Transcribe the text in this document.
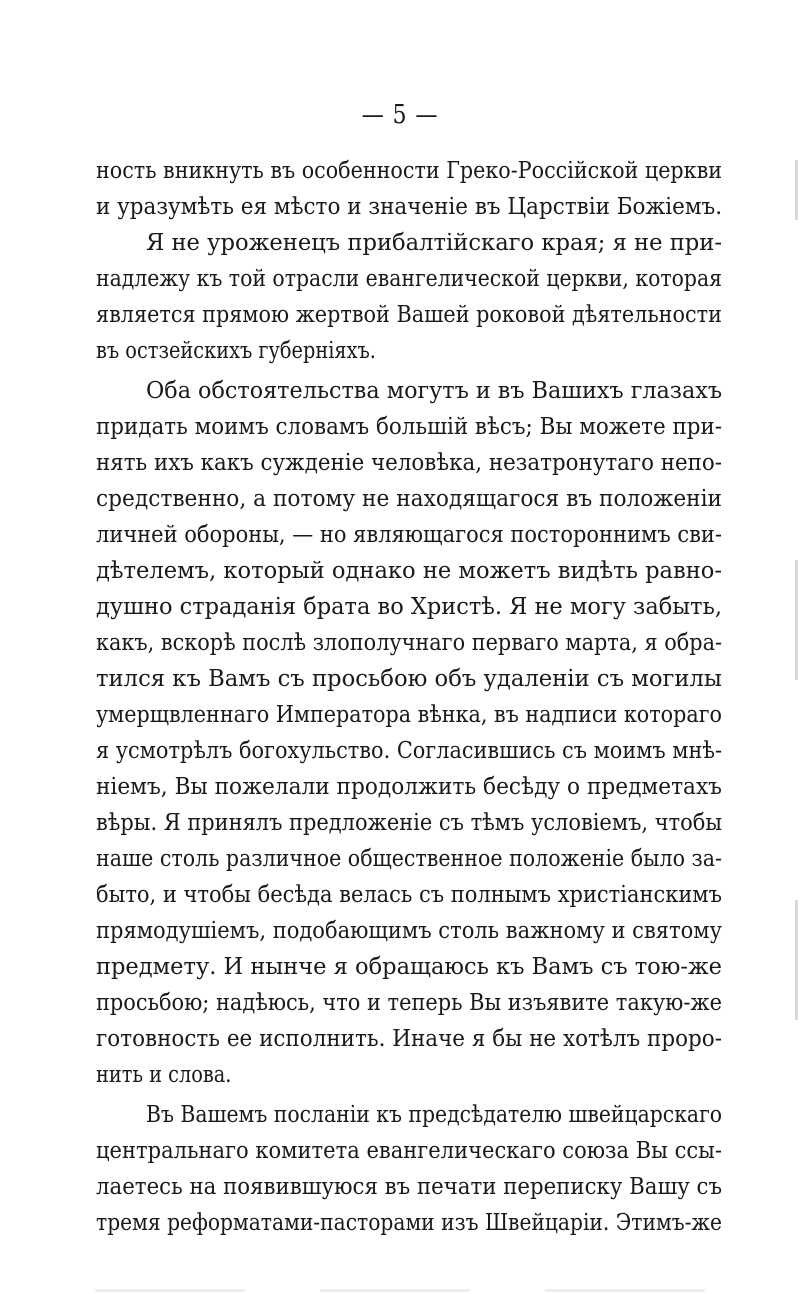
— 5 —
ность вникнуть въ особенности Греко-Россійской церкви
и уразумѣть ея мѣсто и значеніе въ Царствіи Божіемъ.
Я не уроженецъ прибалтійскаго края; я не при-
надлежу къ той отрасли евангелической церкви, которая
является прямою жертвой Вашей роковой дѣятельности
въ остзейскихъ губерніяхъ.
Оба обстоятельства могутъ и въ Вашихъ глазахъ
придать моимъ словамъ большій вѣсъ; Вы можете при-
нять ихъ какъ сужденіе человѣка, незатронутаго непо-
средственно, а потому не находящагося въ положеніи
личней обороны, — но являющагося постороннимъ сви-
дѣтелемъ, который однако не можетъ видѣть равно-
душно страданія брата во Христѣ. Я не могу забыть,
какъ, вскорѣ послѣ злополучнаго перваго марта, я обра-
тился къ Вамъ съ просьбою объ удаленіи съ могилы
умерщвленнаго Императора вѣнка, въ надписи котораго
я усмотрѣлъ богохульство. Согласившись съ моимъ мнѣ-
ніемъ, Вы пожелали продолжить бесѣду о предметахъ
вѣры. Я принялъ предложеніе съ тѣмъ условіемъ, чтобы
наше столь различное общественное положеніе было за-
быто, и чтобы бесѣда велась съ полнымъ христіанскимъ
прямодушіемъ, подобающимъ столь важному и святому
предмету. И нынче я обращаюсь къ Вамъ съ тою-же
просьбою; надѣюсь, что и теперь Вы изъявите такую-же
готовность ее исполнить. Иначе я бы не хотѣлъ проро-
нить и слова.
Въ Вашемъ посланіи къ предсѣдателю швейцарскаго
центральнаго комитета евангелическаго союза Вы ссы-
лаетесь на появившуюся въ печати переписку Вашу съ
тремя реформатами-пасторами изъ Швейцаріи. Этимъ-же
